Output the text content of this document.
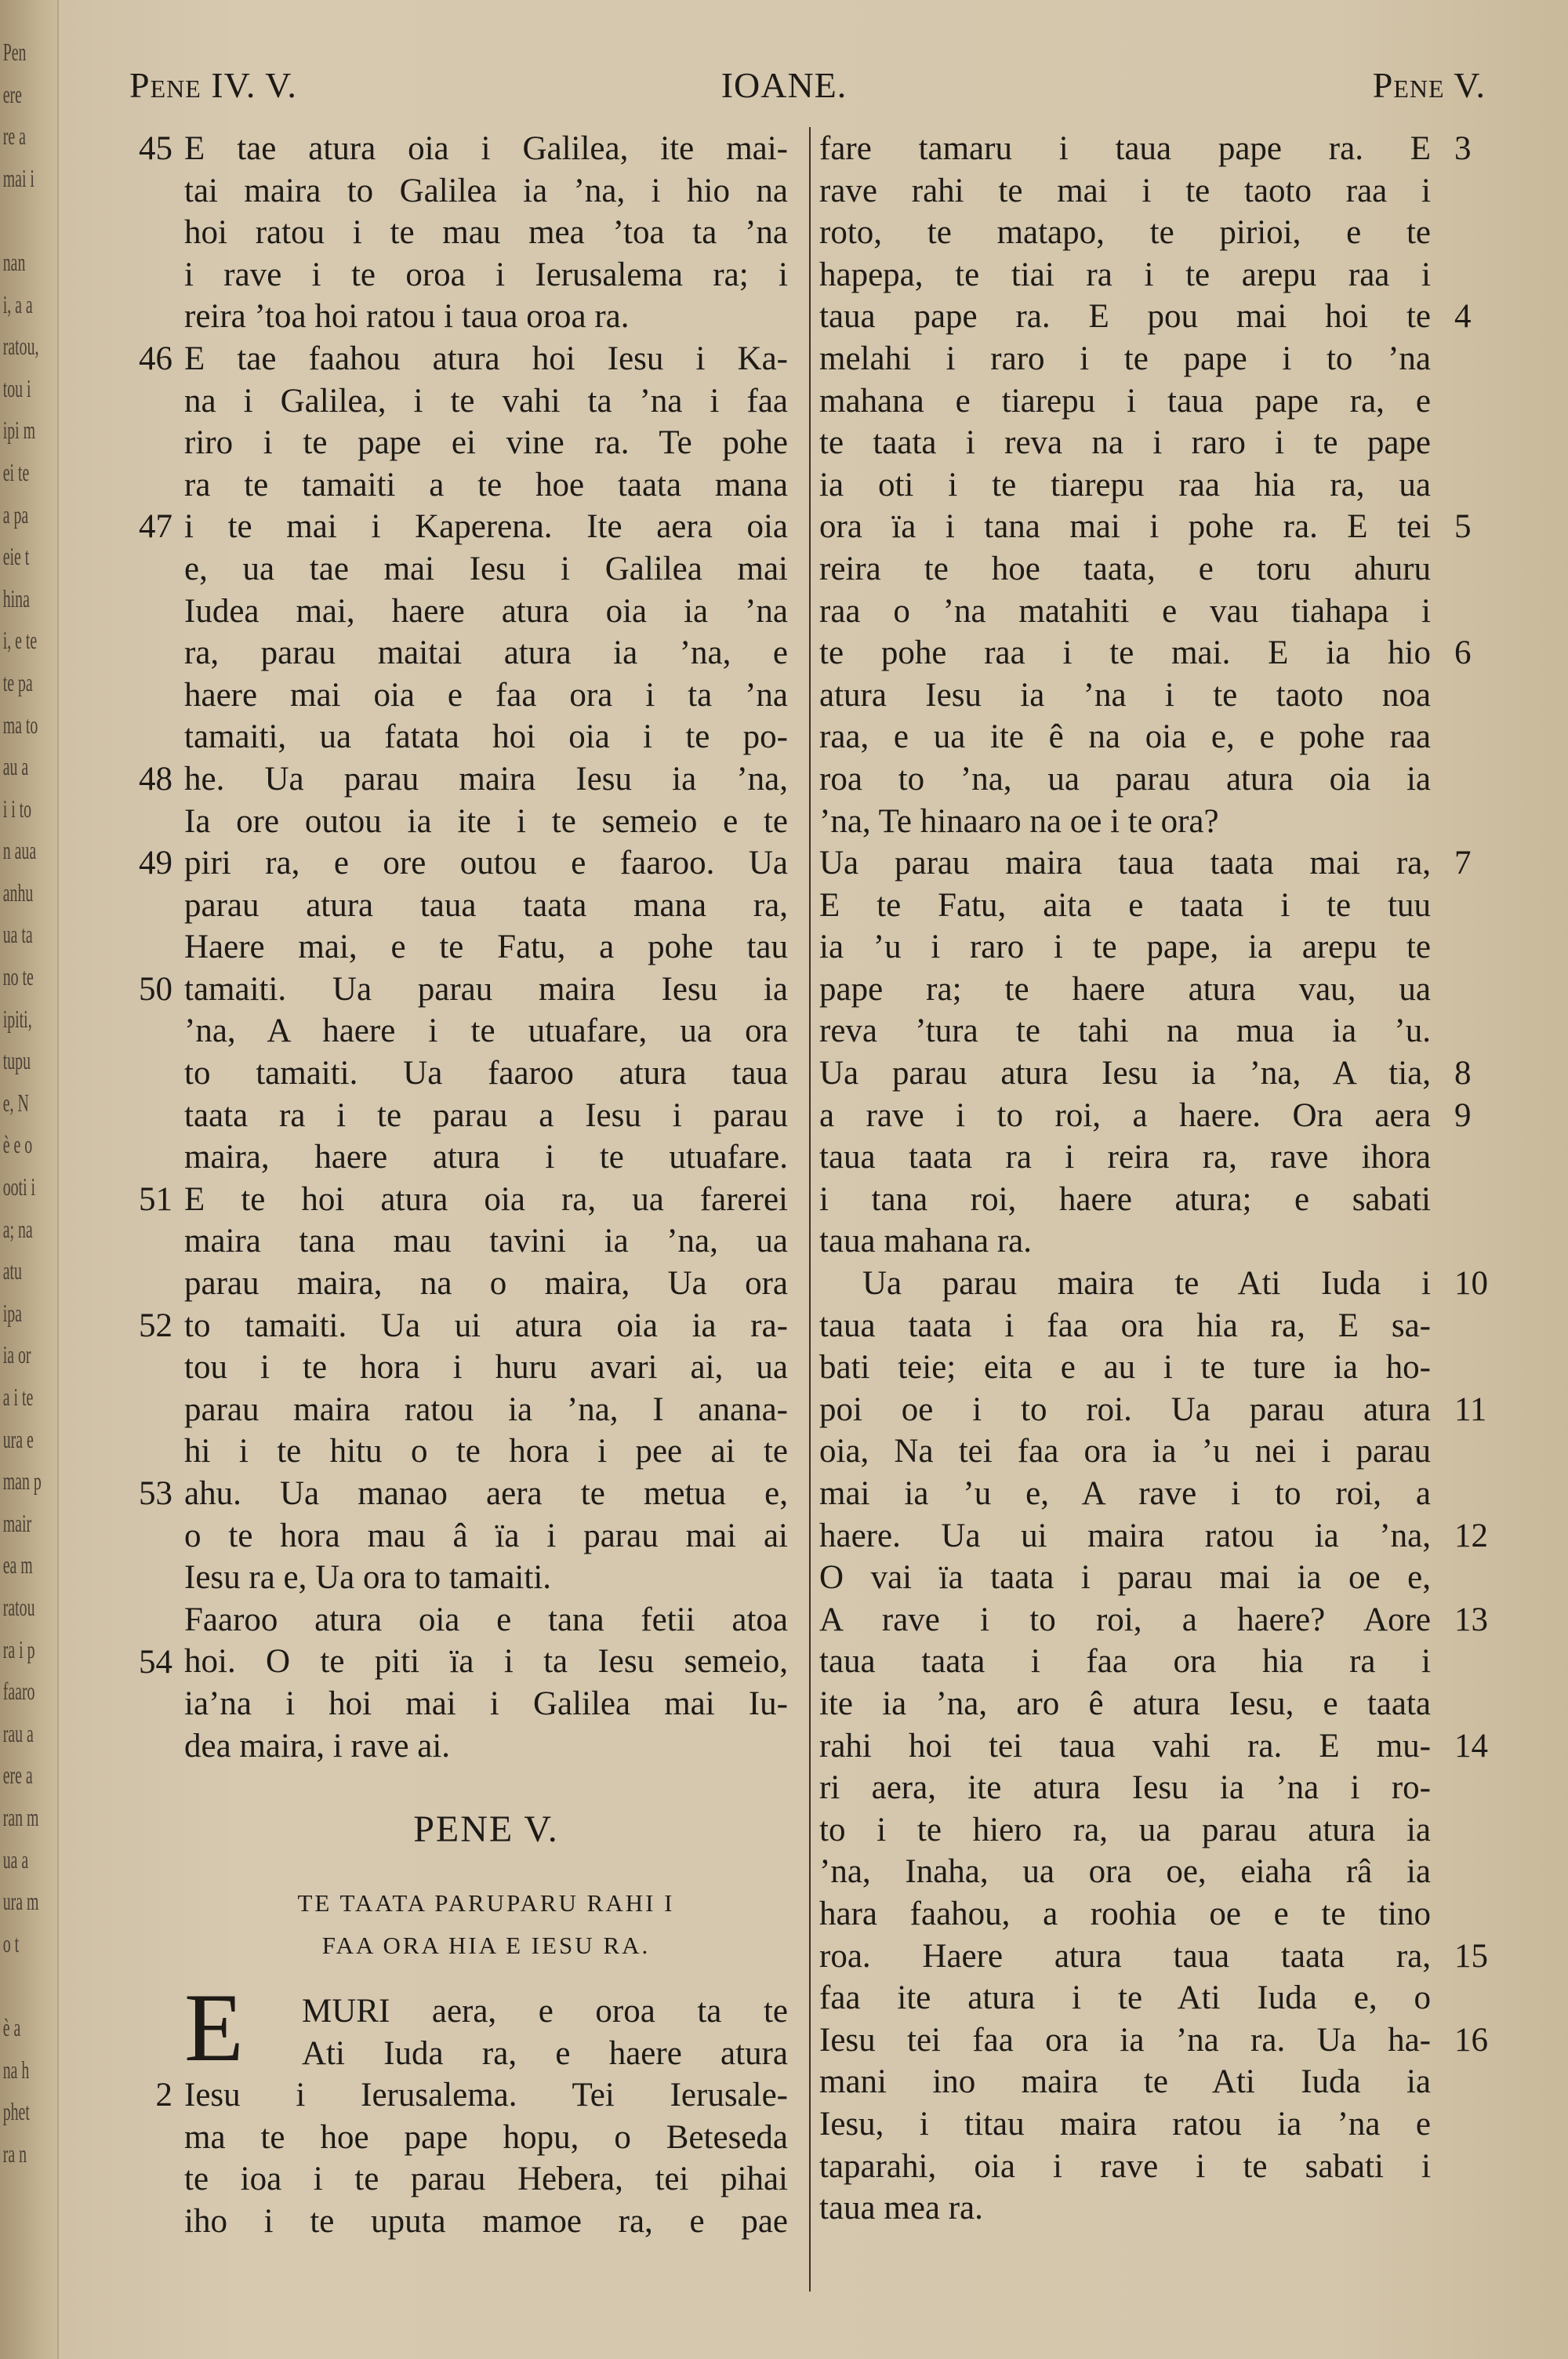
Pen
ere
re a
mai i

nan
i, a a
ratou,
tou i
ipi m
ei te
a pa
eie t
hina
i, e te
te pa
ma to
au a
i i to
n aua
anhu
ua ta
no te
ipiti,
tupu
e, N
è e o
ooti i
a; na
atu
ipa
ia or
a i te
ura e
man p
mair
ea m
ratou
ra i p
faaro
rau a
ere a
ran m
ua a
ura m
o t

è a
na h
phet
ra n
Pene IV. V.	IOANE.	Pene V.
E tae atura oia i Galilea, ite mai-
tai maira to Galilea ia ’na, i hio na
hoi ratou i te mau mea ’toa ta ’na
i rave i te oroa i Ierusalema ra; i
reira ’toa hoi ratou i taua oroa ra.
E tae faahou atura hoi Iesu i Ka-
na i Galilea, i te vahi ta ’na i faa
riro i te pape ei vine ra. Te pohe
ra te tamaiti a te hoe taata mana
i te mai i Kaperena. Ite aera oia
e, ua tae mai Iesu i Galilea mai
Iudea mai, haere atura oia ia ’na
ra, parau maitai atura ia ’na, e
haere mai oia e faa ora i ta ’na
tamaiti, ua fatata hoi oia i te po-
he. Ua parau maira Iesu ia ’na,
Ia ore outou ia ite i te semeio e te
piri ra, e ore outou e faaroo. Ua
parau atura taua taata mana ra,
Haere mai, e te Fatu, a pohe tau
tamaiti. Ua parau maira Iesu ia
’na, A haere i te utuafare, ua ora
to tamaiti. Ua faaroo atura taua
taata ra i te parau a Iesu i parau
maira, haere atura i te utuafare.
E te hoi atura oia ra, ua farerei
maira tana mau tavini ia ’na, ua
parau maira, na o maira, Ua ora
to tamaiti. Ua ui atura oia ia ra-
tou i te hora i huru avari ai, ua
parau maira ratou ia ’na, I anana-
hi i te hitu o te hora i pee ai te
ahu. Ua manao aera te metua e,
o te hora mau â ïa i parau mai ai
Iesu ra e, Ua ora to tamaiti.
Faaroo atura oia e tana fetii atoa
hoi. O te piti ïa i ta Iesu semeio,
ia’na i hoi mai i Galilea mai Iu-
dea maira, i rave ai.
45
46
47
48
49
50
51
52
53
54
PENE V.
TE TAATA PARUPARU RAHI I
FAA ORA HIA E IESU RA.
E	MURI aera, e oroa ta te
Ati Iuda ra, e haere atura
Iesu i Ierusalema. Tei Ierusale-
ma te hoe pape hopu, o Beteseda
te ioa i te parau Hebera, tei pihai
iho i te uputa mamoe ra, e pae
2
fare tamaru i taua pape ra. E
rave rahi te mai i te taoto raa i
roto, te matapo, te pirioi, e te
hapepa, te tiai ra i te arepu raa i
taua pape ra. E pou mai hoi te
melahi i raro i te pape i to ’na
mahana e tiarepu i taua pape ra, e
te taata i reva na i raro i te pape
ia oti i te tiarepu raa hia ra, ua
ora ïa i tana mai i pohe ra. E tei
reira te hoe taata, e toru ahuru
raa o ’na matahiti e vau tiahapa i
te pohe raa i te mai. E ia hio
atura Iesu ia ’na i te taoto noa
raa, e ua ite ê na oia e, e pohe raa
roa to ’na, ua parau atura oia ia
’na, Te hinaaro na oe i te ora?
Ua parau maira taua taata mai ra,
E te Fatu, aita e taata i te tuu
ia ’u i raro i te pape, ia arepu te
pape ra; te haere atura vau, ua
reva ’tura te tahi na mua ia ’u.
Ua parau atura Iesu ia ’na, A tia,
a rave i to roi, a haere. Ora aera
taua taata ra i reira ra, rave ihora
i tana roi, haere atura; e sabati
taua mahana ra.
Ua parau maira te Ati Iuda i
taua taata i faa ora hia ra, E sa-
bati teie; eita e au i te ture ia ho-
poi oe i to roi. Ua parau atura
oia, Na tei faa ora ia ’u nei i parau
mai ia ’u e, A rave i to roi, a
haere. Ua ui maira ratou ia ’na,
O vai ïa taata i parau mai ia oe e,
A rave i to roi, a haere? Aore
taua taata i faa ora hia ra i
ite ia ’na, aro ê atura Iesu, e taata
rahi hoi tei taua vahi ra. E mu-
ri aera, ite atura Iesu ia ’na i ro-
to i te hiero ra, ua parau atura ia
’na, Inaha, ua ora oe, eiaha râ ia
hara faahou, a roohia oe e te tino
roa. Haere atura taua taata ra,
faa ite atura i te Ati Iuda e, o
Iesu tei faa ora ia ’na ra. Ua ha-
mani ino maira te Ati Iuda ia
Iesu, i titau maira ratou ia ’na e
taparahi, oia i rave i te sabati i
taua mea ra.
3
4
5
6
7
8
9
10
11
12
13
14
15
16
